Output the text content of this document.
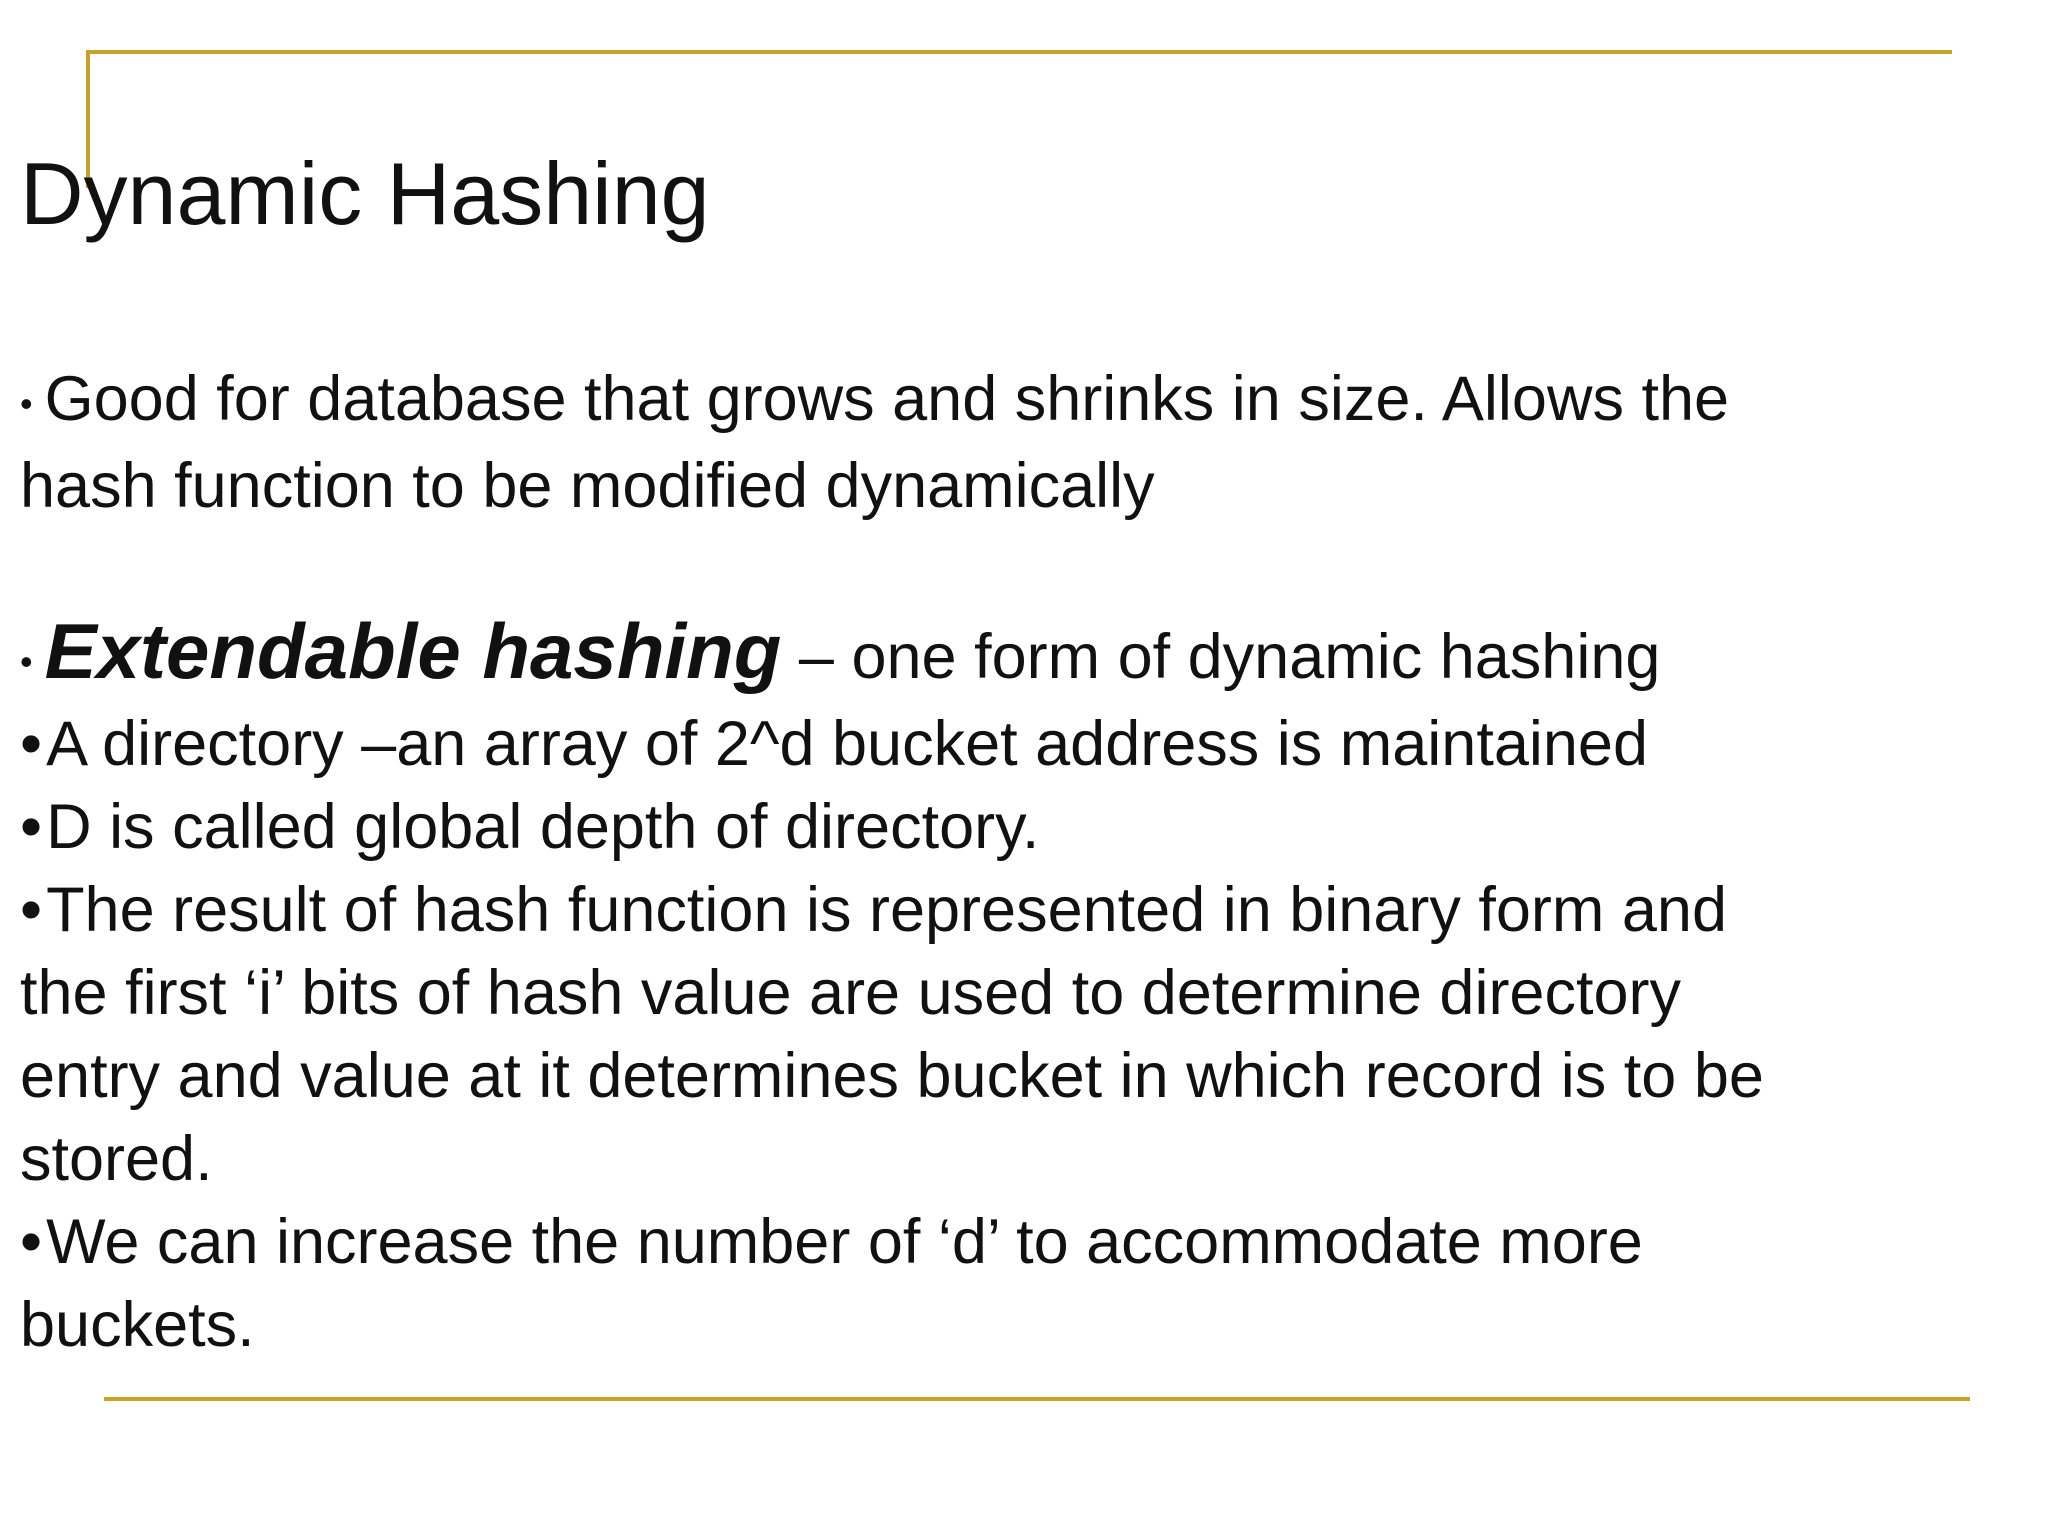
Dynamic Hashing
• Good for database that grows and shrinks in size. Allows the
hash function to be modified dynamically
• Extendable hashing – one form of dynamic hashing
•A directory –an array of 2^d bucket address is maintained
•D is called global depth of directory.
•The result of hash function is represented in binary form and
the first ‘i’ bits of hash value are used to determine directory
entry and value at it determines bucket in which record is to be
stored.
•We can increase the number of ‘d’ to accommodate more
buckets.
